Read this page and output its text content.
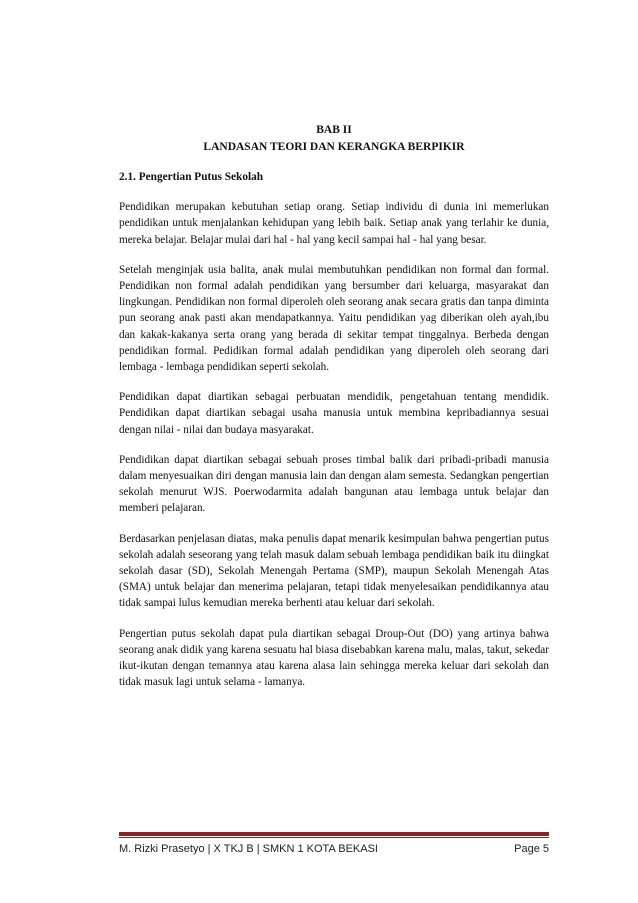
BAB II

LANDASAN TEORI DAN KERANGKA BERPIKIR

2.1. Pengertian Putus Sekolah

Pendidikan merupakan kebutuhan setiap orang. Setiap individu di dunia ini memerlukan pendidikan untuk menjalankan kehidupan yang lebih baik. Setiap anak yang terlahir ke dunia, mereka belajar. Belajar mulai dari hal - hal yang kecil sampai hal - hal yang besar.

Setelah menginjak usia balita, anak mulai membutuhkan pendidikan non formal dan formal. Pendidikan non formal adalah pendidikan yang bersumber dari keluarga, masyarakat dan lingkungan. Pendidikan non formal diperoleh oleh seorang anak secara gratis dan tanpa diminta pun seorang anak pasti akan mendapatkannya. Yaitu pendidikan yag diberikan oleh ayah,ibu dan kakak-kakanya serta orang yang berada di sekitar tempat tinggalnya. Berbeda dengan pendidikan formal. Pedidikan formal adalah pendidikan yang diperoleh oleh seorang dari lembaga - lembaga pendidikan seperti sekolah.

Pendidikan dapat diartikan sebagai perbuatan mendidik, pengetahuan tentang mendidik. Pendidikan dapat diartikan sebagai usaha manusia untuk membina kepribadiannya sesuai dengan nilai - nilai dan budaya masyarakat.

Pendidikan dapat diartikan sebagai sebuah proses timbal balik dari pribadi-pribadi manusia dalam menyesuaikan diri dengan manusia lain dan dengan alam semesta. Sedangkan pengertian sekolah menurut WJS. Poerwodarmita adalah bangunan atau lembaga untuk belajar dan memberi pelajaran.

Berdasarkan penjelasan diatas, maka penulis dapat menarik kesimpulan bahwa pengertian putus sekolah adalah seseorang yang telah masuk dalam sebuah lembaga pendidikan baik itu diingkat sekolah dasar (SD), Sekolah Menengah Pertama (SMP), maupun Sekolah Menengah Atas (SMA) untuk belajar dan menerima pelajaran, tetapi tidak menyelesaikan pendidikannya atau tidak sampai lulus kemudian mereka berhenti atau keluar dari sekolah.

Pengertian putus sekolah dapat pula diartikan sebagai Droup-Out (DO) yang artinya bahwa seorang anak didik yang karena sesuatu hal biasa disebabkan karena malu, malas, takut, sekedar ikut-ikutan dengan temannya atau karena alasa lain sehingga mereka keluar dari sekolah dan tidak masuk lagi untuk selama - lamanya.

M. Rizki Prasetyo | X TKJ B | SMKN 1 KOTA BEKASI	Page 5
